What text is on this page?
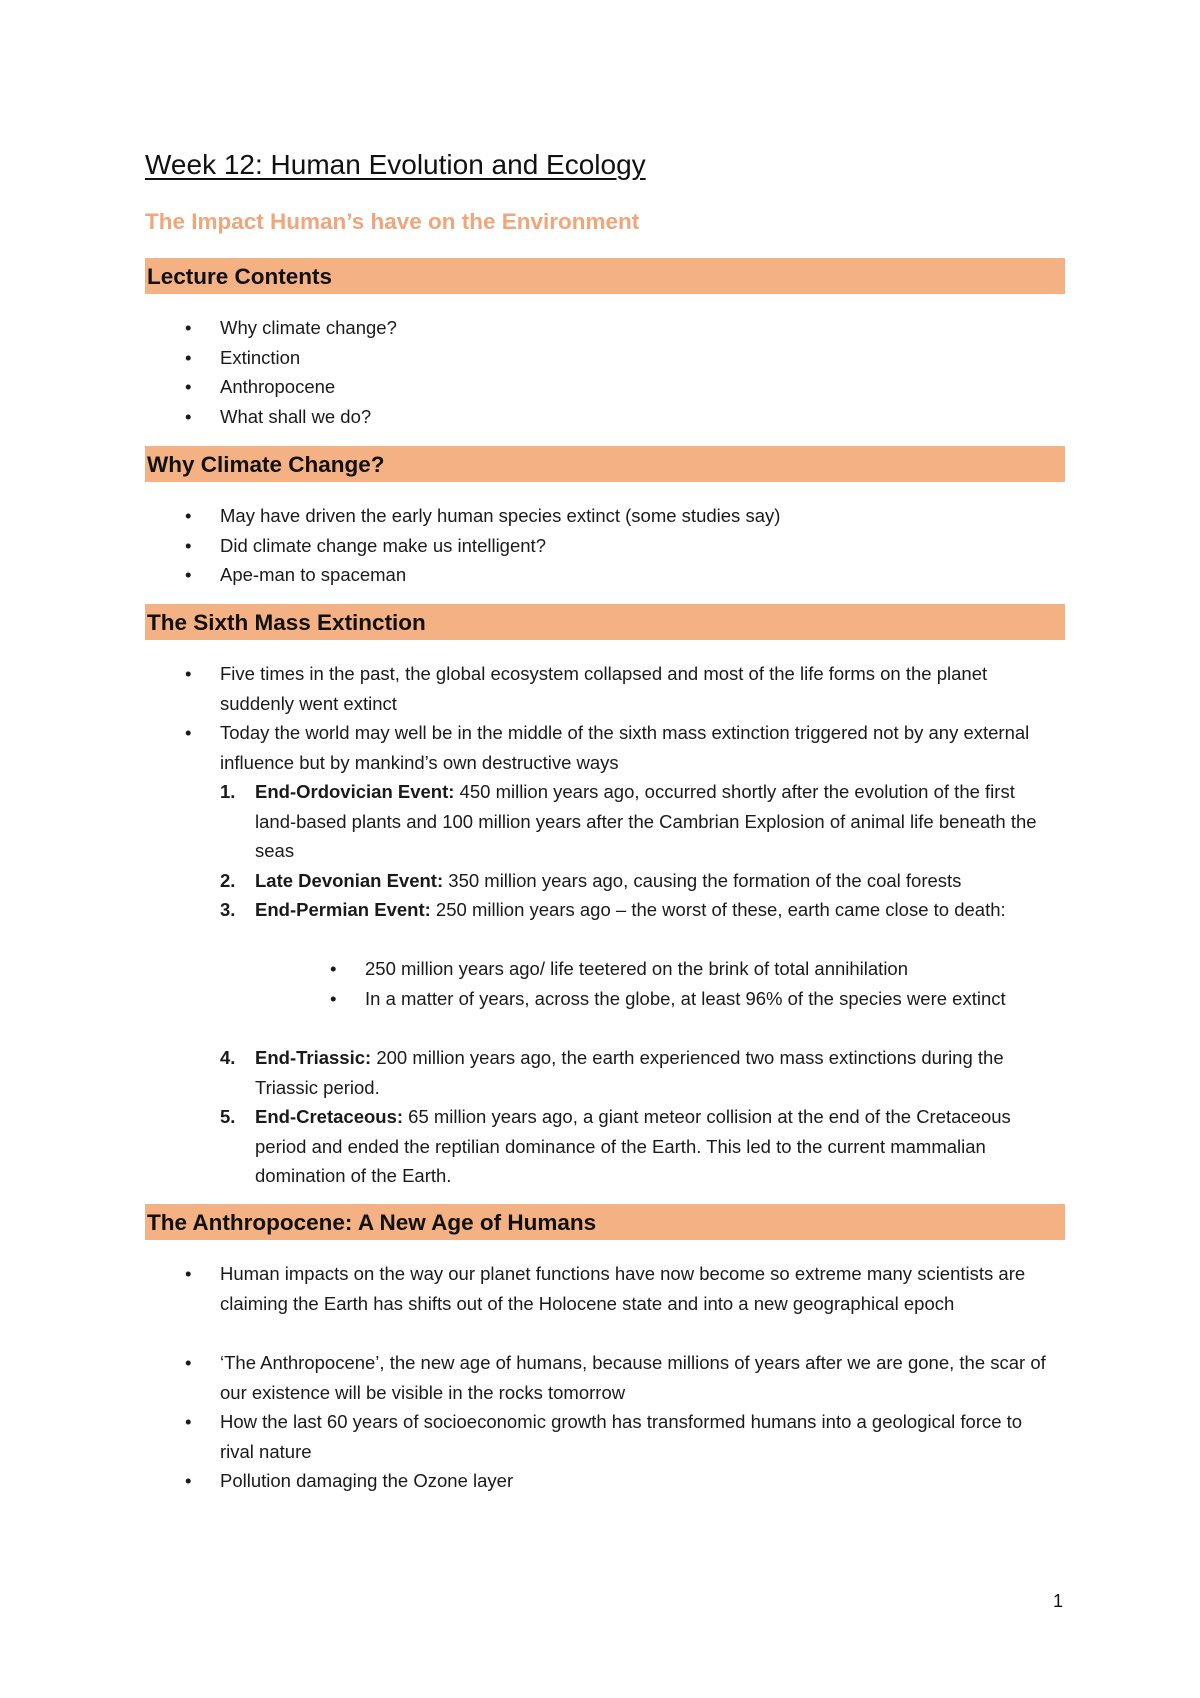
Week 12: Human Evolution and Ecology
The Impact Human’s have on the Environment
Lecture Contents
• Why climate change?
• Extinction
• Anthropocene
• What shall we do?
Why Climate Change?
• May have driven the early human species extinct (some studies say)
• Did climate change make us intelligent?
• Ape-man to spaceman
The Sixth Mass Extinction
• Five times in the past, the global ecosystem collapsed and most of the life forms on the planet suddenly went extinct
• Today the world may well be in the middle of the sixth mass extinction triggered not by any external influence but by mankind’s own destructive ways
1. End-Ordovician Event: 450 million years ago, occurred shortly after the evolution of the first land-based plants and 100 million years after the Cambrian Explosion of animal life beneath the seas
2. Late Devonian Event: 350 million years ago, causing the formation of the coal forests
3. End-Permian Event: 250 million years ago – the worst of these, earth came close to death:
• 250 million years ago/ life teetered on the brink of total annihilation
• In a matter of years, across the globe, at least 96% of the species were extinct
4. End-Triassic: 200 million years ago, the earth experienced two mass extinctions during the Triassic period.
5. End-Cretaceous: 65 million years ago, a giant meteor collision at the end of the Cretaceous period and ended the reptilian dominance of the Earth. This led to the current mammalian domination of the Earth.
The Anthropocene: A New Age of Humans
• Human impacts on the way our planet functions have now become so extreme many scientists are claiming the Earth has shifts out of the Holocene state and into a new geographical epoch
• ‘The Anthropocene’, the new age of humans, because millions of years after we are gone, the scar of our existence will be visible in the rocks tomorrow
• How the last 60 years of socioeconomic growth has transformed humans into a geological force to rival nature
• Pollution damaging the Ozone layer
1
